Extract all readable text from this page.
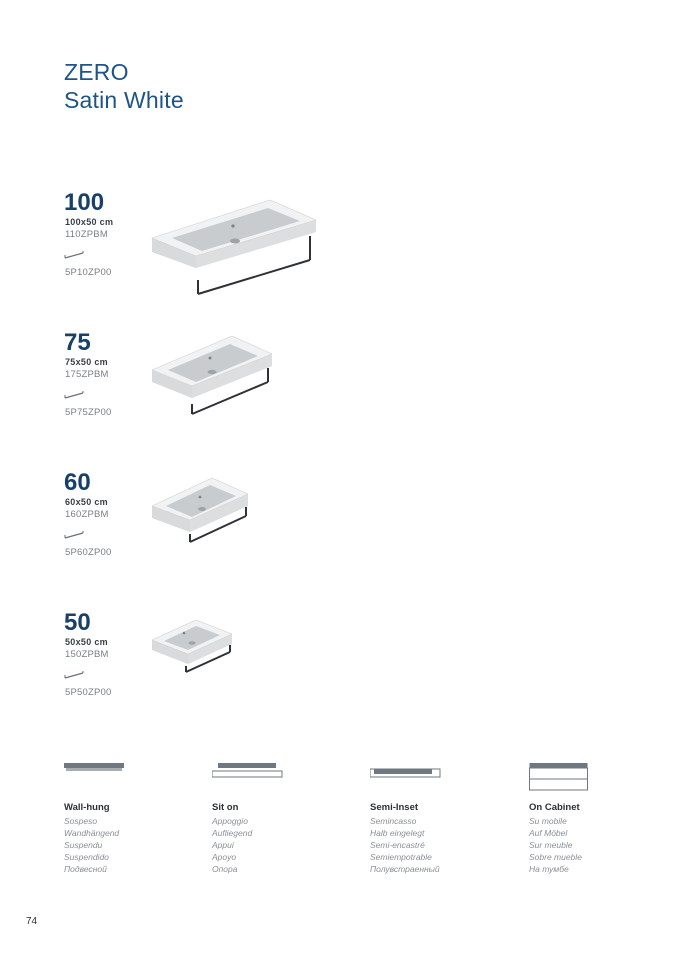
ZERO
Satin White
100
100x50 cm
110ZPBM
5P10ZP00
75
75x50 cm
175ZPBM
5P75ZP00
60
60x50 cm
160ZPBM
5P60ZP00
50
50x50 cm
150ZPBM
5P50ZP00
Wall-hung
Sospeso
Wandhängend
Suspendu
Suspendido
Подвесной
Sit on
Appoggio
Aufliegend
Appui
Apoyo
Опора
Semi-Inset
Semincasso
Halb eingelegt
Semi-encastré
Semiempotrable
Полувстраенный
On Cabinet
Su mobile
Auf Möbel
Sur meuble
Sobre mueble
На тумбе
74
